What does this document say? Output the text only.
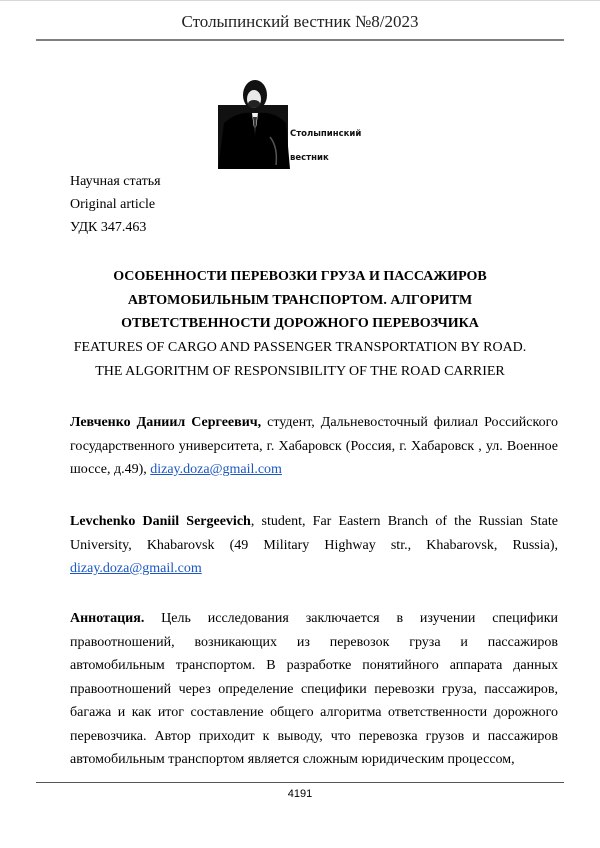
Столыпинский вестник №8/2023
Столыпинский
вестник
Научная статья
Original article
УДК 347.463
ОСОБЕННОСТИ ПЕРЕВОЗКИ ГРУЗА И ПАССАЖИРОВ
АВТОМОБИЛЬНЫМ ТРАНСПОРТОМ. АЛГОРИТМ
ОТВЕТСТВЕННОСТИ ДОРОЖНОГО ПЕРЕВОЗЧИКА
FEATURES OF CARGO AND PASSENGER TRANSPORTATION BY ROAD.
THE ALGORITHM OF RESPONSIBILITY OF THE ROAD CARRIER
Левченко Даниил Сергеевич, студент, Дальневосточный филиал Российского государственного университета, г. Хабаровск (Россия, г. Хабаровск , ул. Военное шоссе, д.49), dizay.doza@gmail.com
Levchenko Daniil Sergeevich, student, Far Eastern Branch of the Russian State University, Khabarovsk (49 Military Highway str., Khabarovsk, Russia), dizay.doza@gmail.com
Аннотация. Цель исследования заключается в изучении специфики правоотношений, возникающих из перевозок груза и пассажиров автомобильным транспортом. В разработке понятийного аппарата данных правоотношений через определение специфики перевозки груза, пассажиров, багажа и как итог составление общего алгоритма ответственности дорожного перевозчика. Автор приходит к выводу, что перевозка грузов и пассажиров автомобильным транспортом является сложным юридическим процессом,
4191
